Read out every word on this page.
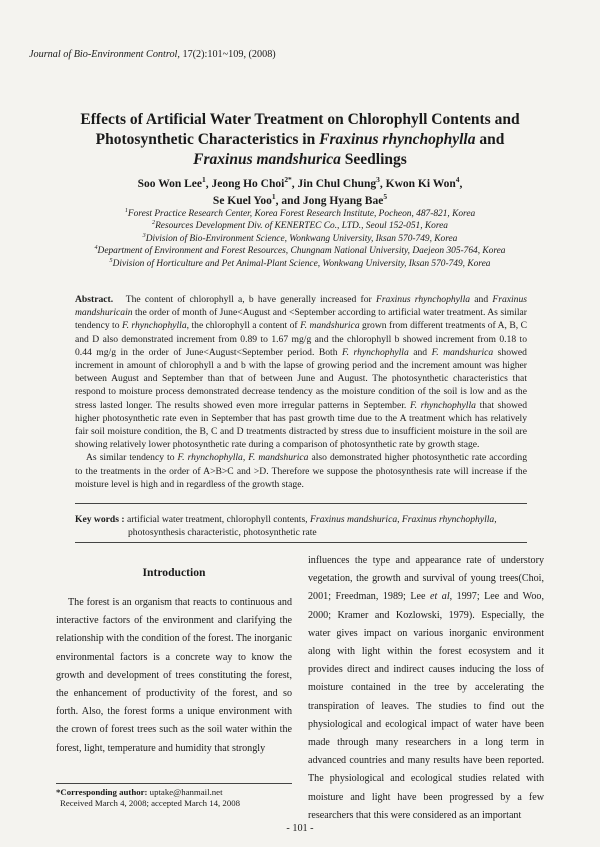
Journal of Bio-Environment Control, 17(2):101~109, (2008)
Effects of Artificial Water Treatment on Chlorophyll Contents and
Photosynthetic Characteristics in Fraxinus rhynchophylla and
Fraxinus mandshurica Seedlings
Soo Won Lee$^1$, Jeong Ho Choi$^{2*}$, Jin Chul Chung$^3$, Kwon Ki Won$^4$,
Se Kuel Yoo$^1$, and Jong Hyang Bae$^5$
$^1$Forest Practice Research Center, Korea Forest Research Institute, Pocheon, 487-821, Korea
$^2$Resources Development Div. of KENERTEC Co., LTD., Seoul 152-051, Korea
$^3$Division of Bio-Environment Science, Wonkwang University, Iksan 570-749, Korea
$^4$Department of Environment and Forest Resources, Chungnam National University, Daejeon 305-764, Korea
$^5$Division of Horticulture and Pet Animal-Plant Science, Wonkwang University, Iksan 570-749, Korea

Abstract. The content of chlorophyll a, b have generally increased for Fraxinus rhynchophylla and Fraxinus mandshuricain the order of month of June<August and <September according to artificial water treatment. As similar tendency to F. rhynchophylla, the chlorophyll a content of F. mandshurica grown from different treatments of A, B, C and D also demonstrated increment from 0.89 to 1.67 mg/g and the chlorophyll b showed increment from 0.18 to 0.44 mg/g in the order of June<August<September period. Both F. rhynchophylla and F. mandshurica showed increment in amount of chlorophyll a and b with the lapse of growing period and the increment amount was higher between August and September than that of between June and August. The photosynthetic characteristics that respond to moisture process demonstrated decrease tendency as the moisture condition of the soil is low and as the stress lasted longer. The results showed even more irregular patterns in September. F. rhynchophylla that showed higher photosynthetic rate even in September that has past growth time due to the A treatment which has relatively fair soil moisture condition, the B, C and D treatments distracted by stress due to insufficient moisture in the soil are showing relatively lower photosynthetic rate during a comparison of photosynthetic rate by growth stage.

As similar tendency to F. rhynchophylla, F. mandshurica also demonstrated higher photosynthetic rate according to the treatments in the order of A>B>C and >D. Therefore we suppose the photosynthesis rate will increase if the moisture level is high and in regardless of the growth stage.

Key words : artificial water treatment, chlorophyll contents, Fraxinus mandshurica, Fraxinus rhynchophylla, photosynthesis characteristic, photosynthetic rate
Introduction

The forest is an organism that reacts to continuous and interactive factors of the environment and clarifying the relationship with the condition of the forest. The inorganic environmental factors is a concrete way to know the growth and development of trees constituting the forest, the enhancement of productivity of the forest, and so forth. Also, the forest forms a unique environment with the crown of forest trees such as the soil water within the forest, light, temperature and humidity that strongly

influences the type and appearance rate of understory vegetation, the growth and survival of young trees(Choi, 2001; Freedman, 1989; Lee et al, 1997; Lee and Woo, 2000; Kramer and Kozlowski, 1979). Especially, the water gives impact on various inorganic environment along with light within the forest ecosystem and it provides direct and indirect causes inducing the loss of moisture contained in the tree by accelerating the transpiration of leaves. The studies to find out the physiological and ecological impact of water have been made through many researchers in a long term in advanced countries and many results have been reported. The physiological and ecological studies related with moisture and light have been progressed by a few researchers that this were considered as an important

*Corresponding author: uptake@hanmail.net
Received March 4, 2008; accepted March 14, 2008
- 101 -
